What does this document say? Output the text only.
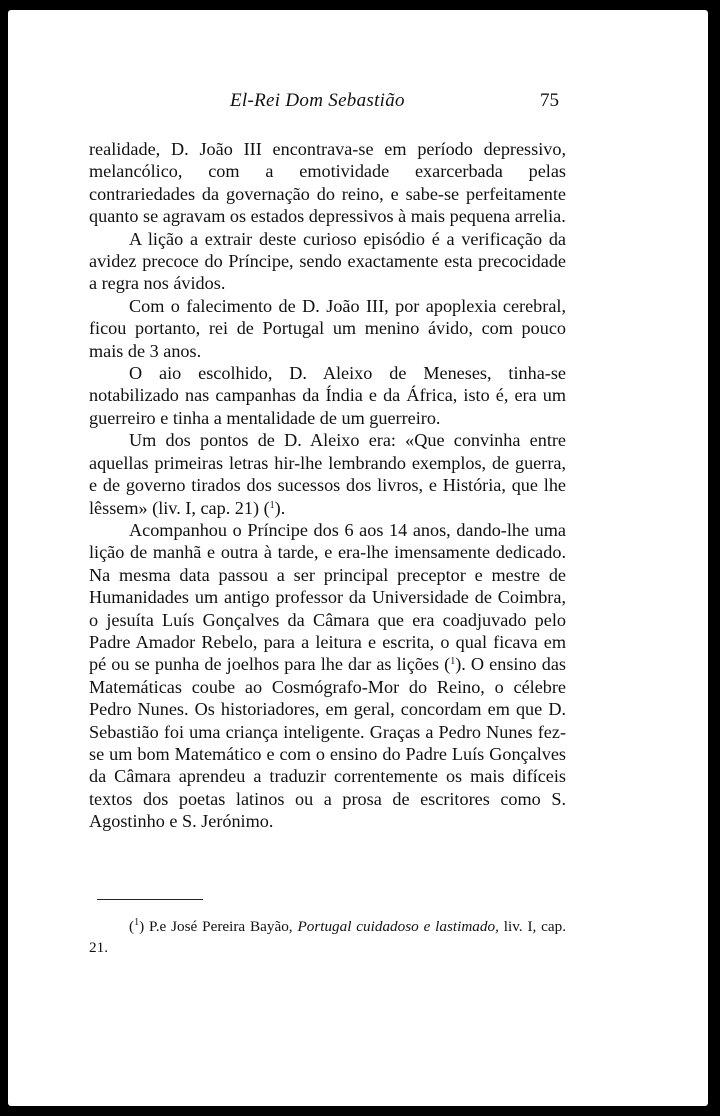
El-Rei Dom Sebastião	75

realidade, D. João III encontrava-se em período depressivo, melancólico, com a emotividade exarcerbada pelas contrariedades da governação do reino, e sabe-se perfeitamente quanto se agravam os estados depressivos à mais pequena arrelia.

A lição a extrair deste curioso episódio é a verificação da avidez precoce do Príncipe, sendo exactamente esta precocidade a regra nos ávidos.

Com o falecimento de D. João III, por apoplexia cerebral, ficou portanto, rei de Portugal um menino ávido, com pouco mais de 3 anos.

O aio escolhido, D. Aleixo de Meneses, tinha-se notabilizado nas campanhas da Índia e da África, isto é, era um guerreiro e tinha a mentalidade de um guerreiro.

Um dos pontos de D. Aleixo era: «Que convinha entre aquellas primeiras letras hir-lhe lembrando exemplos, de guerra, e de governo tirados dos sucessos dos livros, e História, que lhe lêssem» (liv. I, cap. 21) ($^1$).

Acompanhou o Príncipe dos 6 aos 14 anos, dando-lhe uma lição de manhã e outra à tarde, e era-lhe imensamente dedicado. Na mesma data passou a ser principal preceptor e mestre de Humanidades um antigo professor da Universidade de Coimbra, o jesuíta Luís Gonçalves da Câmara que era coadjuvado pelo Padre Amador Rebelo, para a leitura e escrita, o qual ficava em pé ou se punha de joelhos para lhe dar as lições ($^1$). O ensino das Matemáticas coube ao Cosmógrafo-Mor do Reino, o célebre Pedro Nunes. Os historiadores, em geral, concordam em que D. Sebastião foi uma criança inteligente. Graças a Pedro Nunes fez-se um bom Matemático e com o ensino do Padre Luís Gonçalves da Câmara aprendeu a traduzir correntemente os mais difíceis textos dos poetas latinos ou a prosa de escritores como S. Agostinho e S. Jerónimo.

($^1$) P.e José Pereira Bayão, Portugal cuidadoso e lastimado, liv. I, cap. 21.
